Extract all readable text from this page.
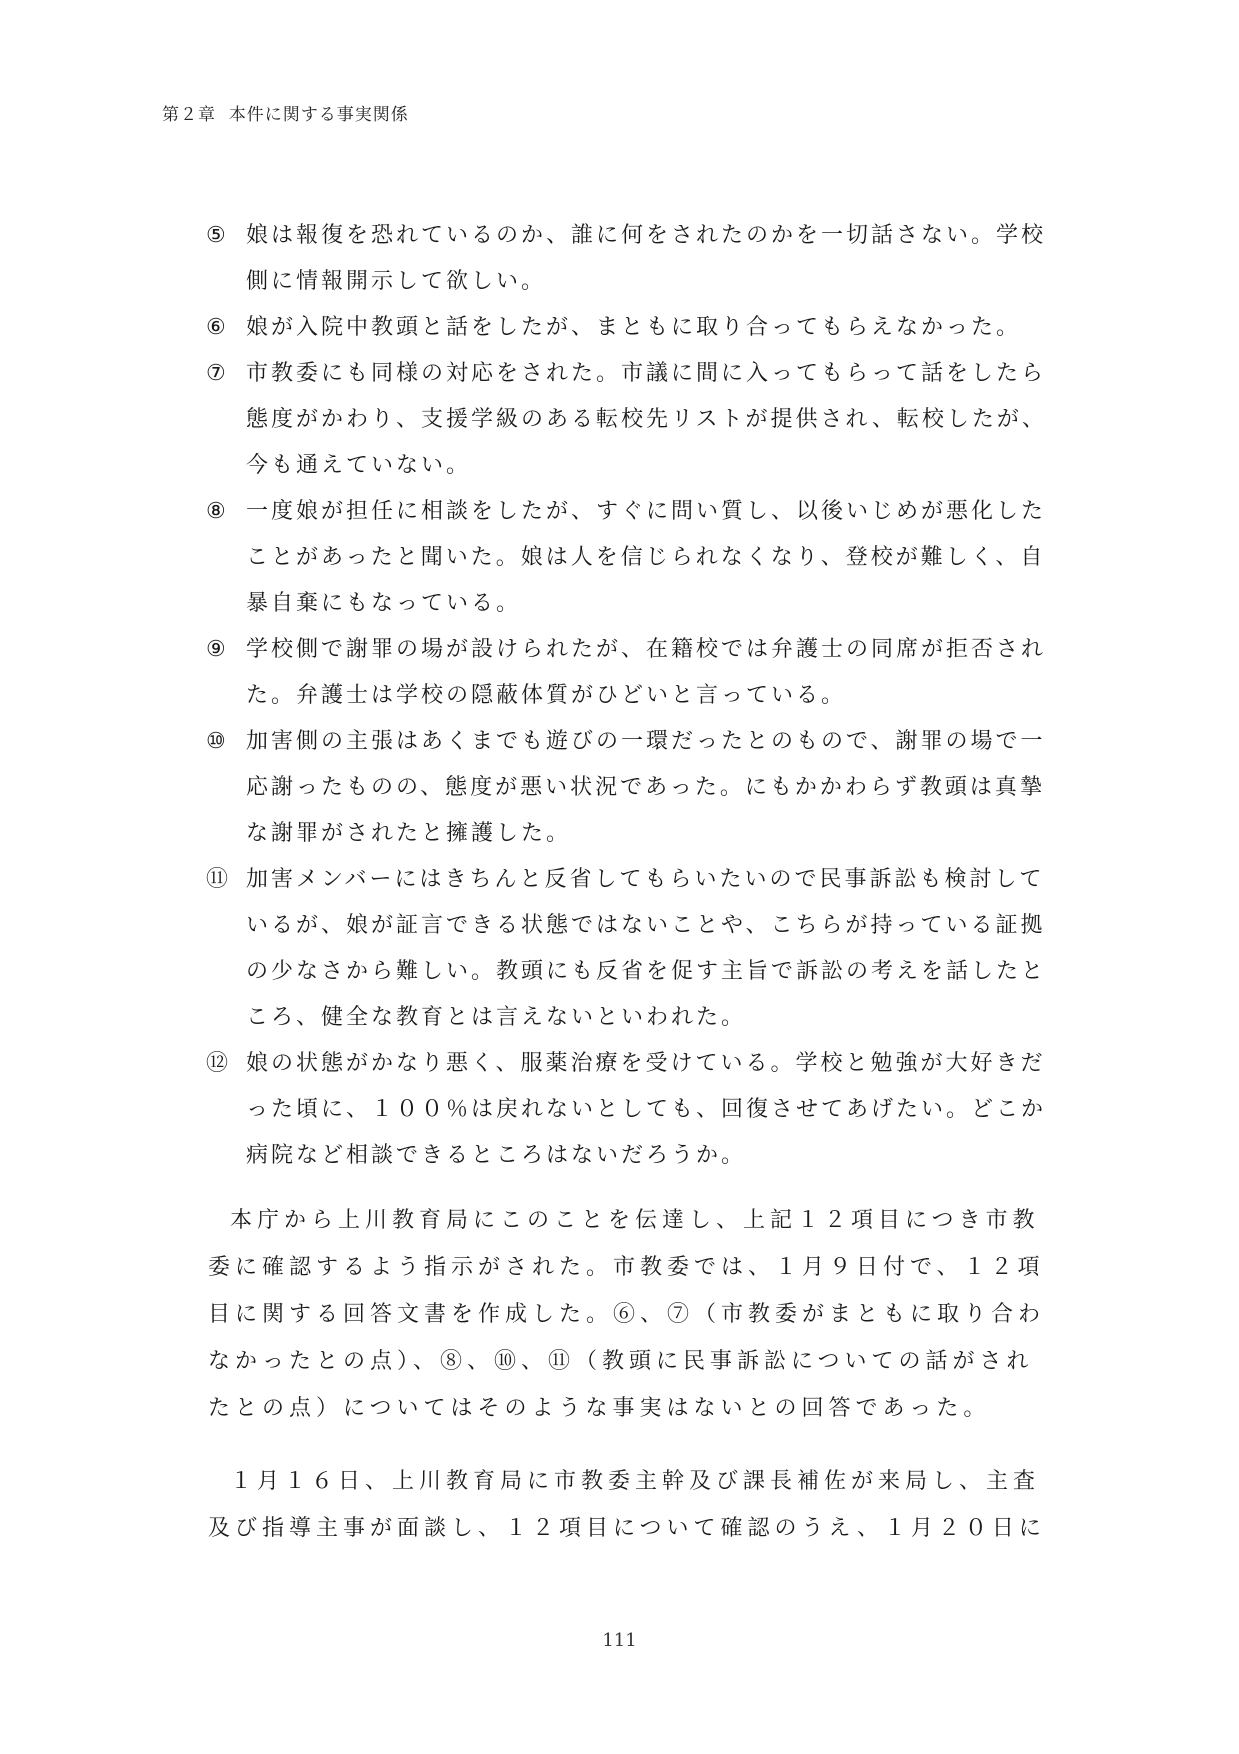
第２章 本件に関する事実関係
⑤ 娘は報復を恐れているのか、誰に何をされたのかを一切話さない。学校側に情報開示して欲しい。
⑥ 娘が入院中教頭と話をしたが、まともに取り合ってもらえなかった。
⑦ 市教委にも同様の対応をされた。市議に間に入ってもらって話をしたら態度がかわり、支援学級のある転校先リストが提供され、転校したが、今も通えていない。
⑧ 一度娘が担任に相談をしたが、すぐに問い質し、以後いじめが悪化したことがあったと聞いた。娘は人を信じられなくなり、登校が難しく、自暴自棄にもなっている。
⑨ 学校側で謝罪の場が設けられたが、在籍校では弁護士の同席が拒否された。弁護士は学校の隠蔽体質がひどいと言っている。
⑩ 加害側の主張はあくまでも遊びの一環だったとのもので、謝罪の場で一応謝ったものの、態度が悪い状況であった。にもかかわらず教頭は真摯な謝罪がされたと擁護した。
⑪ 加害メンバーにはきちんと反省してもらいたいので民事訴訟も検討しているが、娘が証言できる状態ではないことや、こちらが持っている証拠の少なさから難しい。教頭にも反省を促す主旨で訴訟の考えを話したところ、健全な教育とは言えないといわれた。
⑫ 娘の状態がかなり悪く、服薬治療を受けている。学校と勉強が大好きだった頃に、１００％は戻れないとしても、回復させてあげたい。どこか病院など相談できるところはないだろうか。
本庁から上川教育局にこのことを伝達し、上記１２項目につき市教委に確認するよう指示がされた。市教委では、１月９日付で、１２項目に関する回答文書を作成した。⑥、⑦（市教委がまともに取り合わなかったとの点）、⑧、⑩、⑪（教頭に民事訴訟についての話がされたとの点）についてはそのような事実はないとの回答であった。
１月１６日、上川教育局に市教委主幹及び課長補佐が来局し、主査及び指導主事が面談し、１２項目について確認のうえ、１月２０日に
111
